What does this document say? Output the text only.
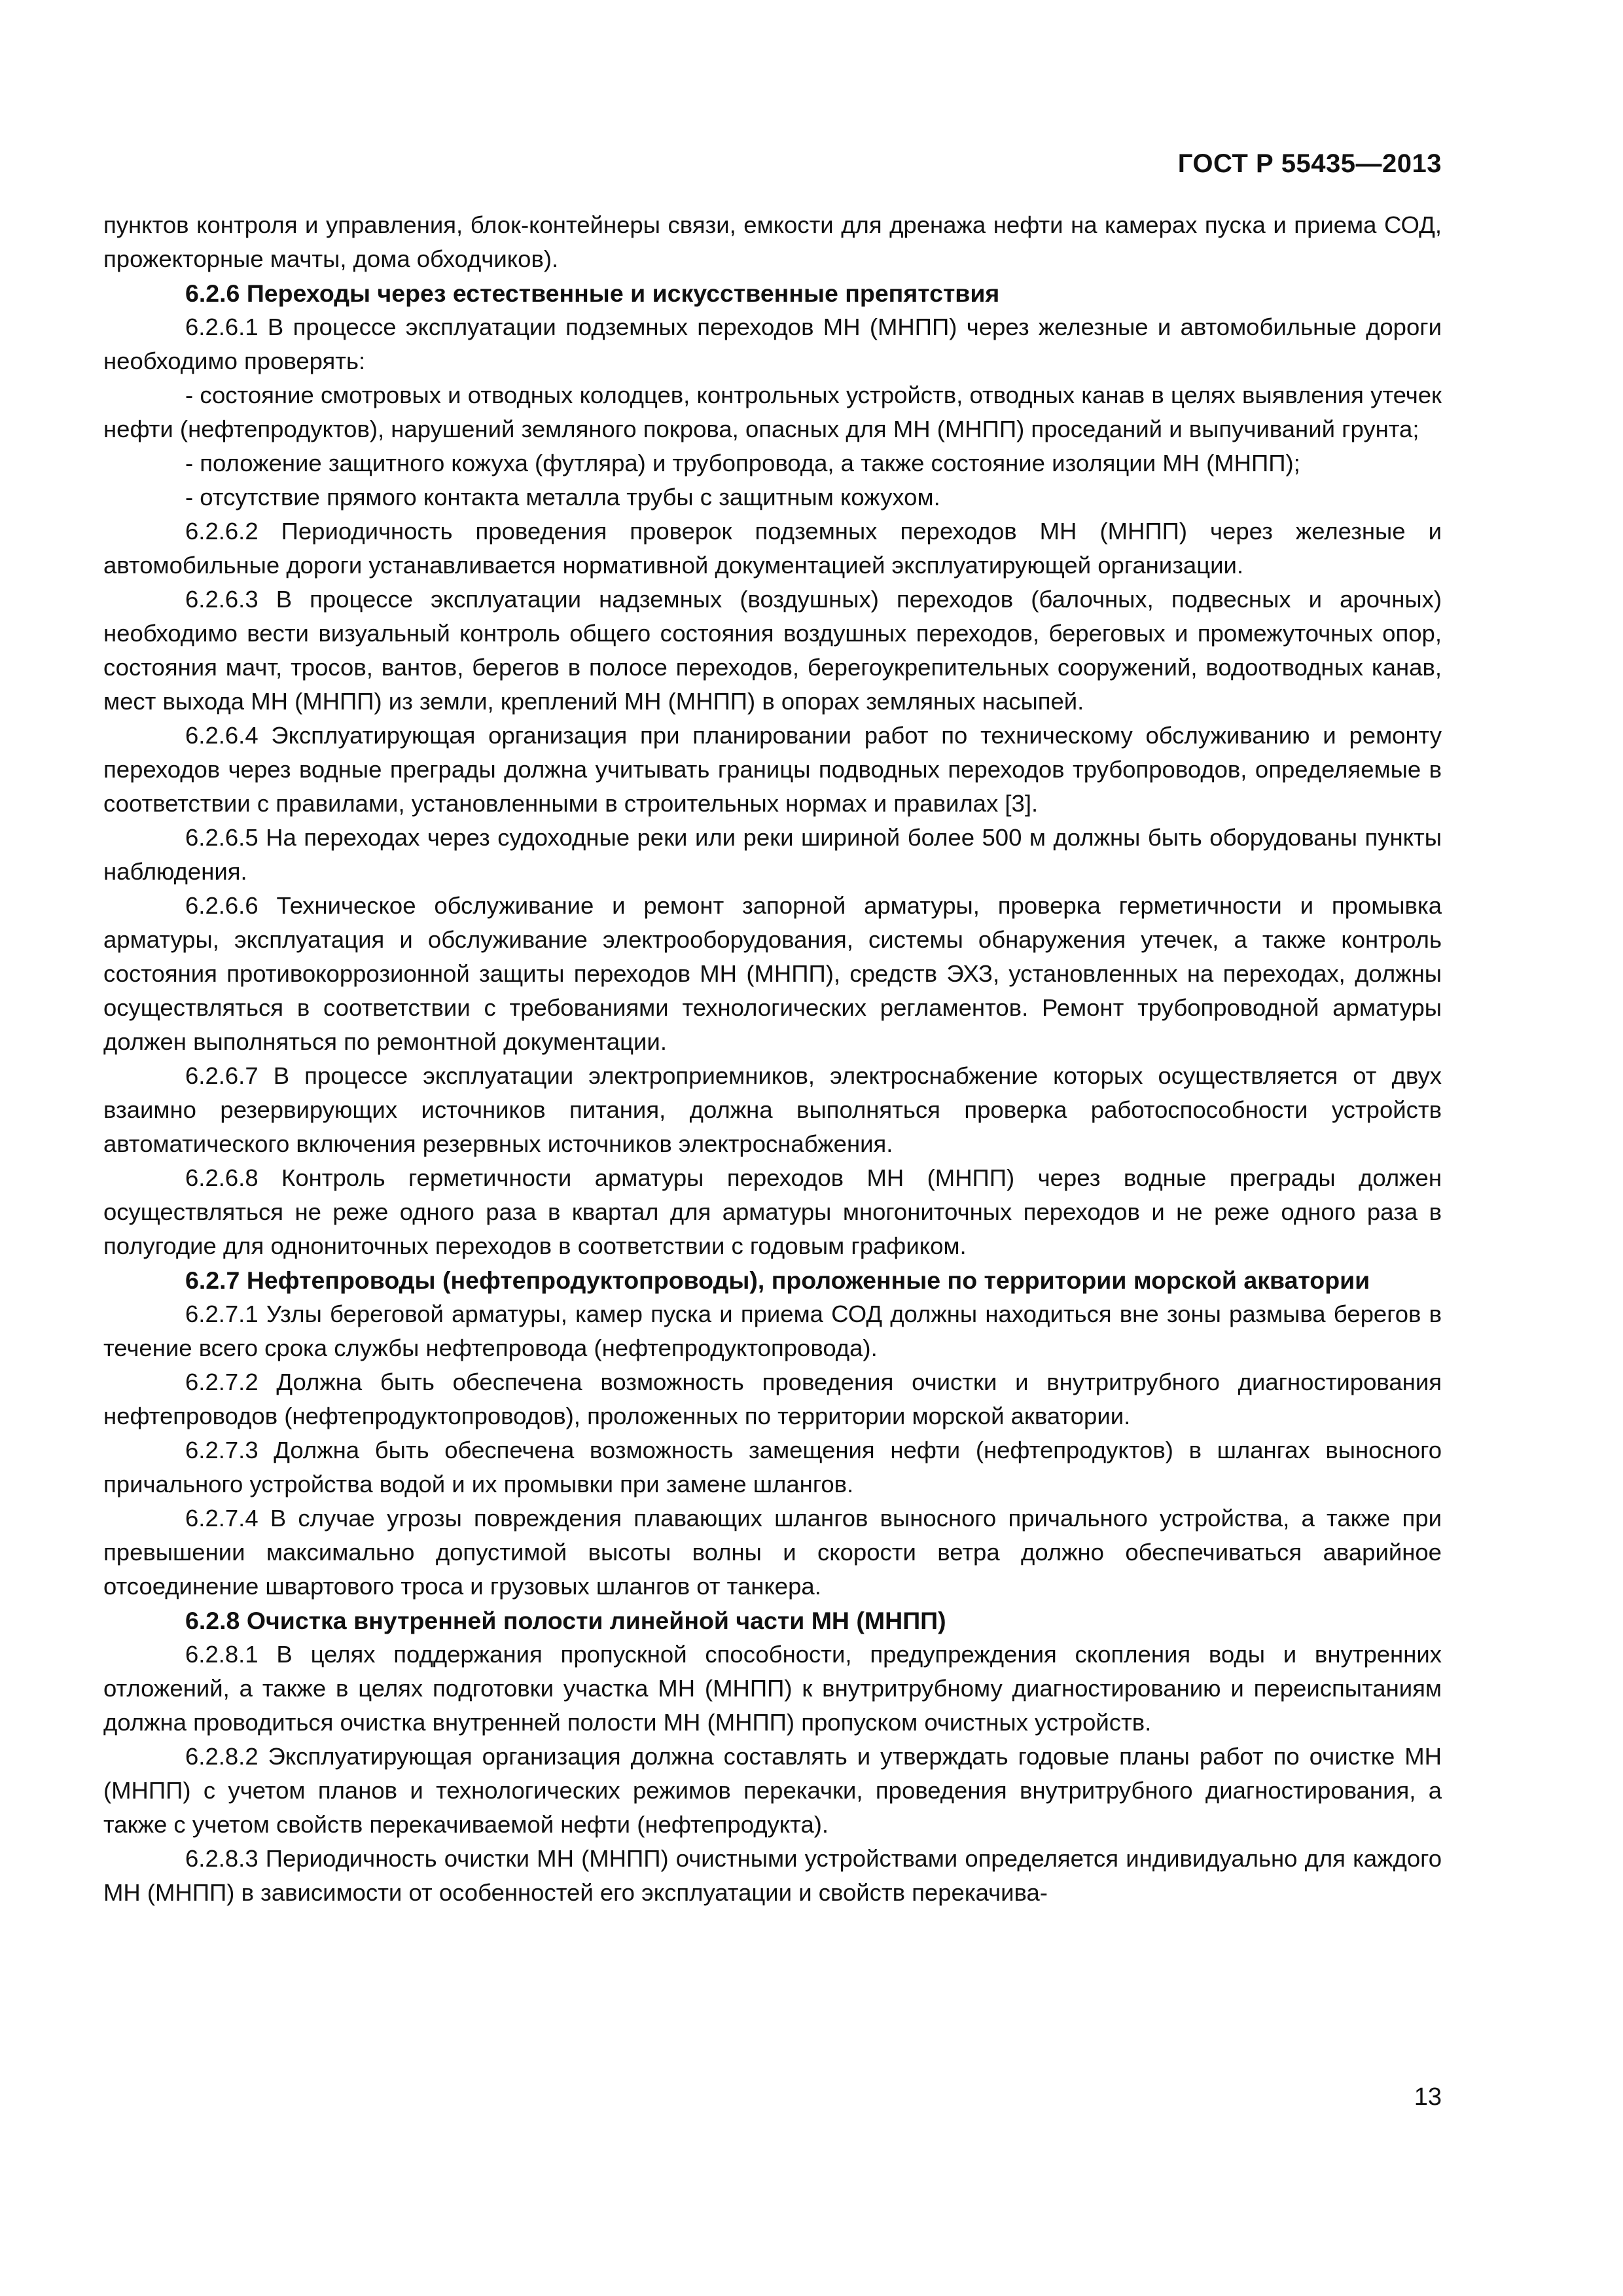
ГОСТ Р 55435—2013

пунктов контроля и управления, блок-контейнеры связи, емкости для дренажа нефти на камерах пуска и приема СОД, прожекторные мачты, дома обходчиков).

6.2.6 Переходы через естественные и искусственные препятствия

6.2.6.1 В процессе эксплуатации подземных переходов МН (МНПП) через железные и автомобильные дороги необходимо проверять:

- состояние смотровых и отводных колодцев, контрольных устройств, отводных канав в целях выявления утечек нефти (нефтепродуктов), нарушений земляного покрова, опасных для МН (МНПП) проседаний и выпучиваний грунта;

- положение защитного кожуха (футляра) и трубопровода, а также состояние изоляции МН (МНПП);

- отсутствие прямого контакта металла трубы с защитным кожухом.

6.2.6.2 Периодичность проведения проверок подземных переходов МН (МНПП) через железные и автомобильные дороги устанавливается нормативной документацией эксплуатирующей организации.

6.2.6.3 В процессе эксплуатации надземных (воздушных) переходов (балочных, подвесных и арочных) необходимо вести визуальный контроль общего состояния воздушных переходов, береговых и промежуточных опор, состояния мачт, тросов, вантов, берегов в полосе переходов, берегоукрепительных сооружений, водоотводных канав, мест выхода МН (МНПП) из земли, креплений МН (МНПП) в опорах земляных насыпей.

6.2.6.4 Эксплуатирующая организация при планировании работ по техническому обслуживанию и ремонту переходов через водные преграды должна учитывать границы подводных переходов трубопроводов, определяемые в соответствии с правилами, установленными в строительных нормах и правилах [3].

6.2.6.5 На переходах через судоходные реки или реки шириной более 500 м должны быть оборудованы пункты наблюдения.

6.2.6.6 Техническое обслуживание и ремонт запорной арматуры, проверка герметичности и промывка арматуры, эксплуатация и обслуживание электрооборудования, системы обнаружения утечек, а также контроль состояния противокоррозионной защиты переходов МН (МНПП), средств ЭХЗ, установленных на переходах, должны осуществляться в соответствии с требованиями технологических регламентов. Ремонт трубопроводной арматуры должен выполняться по ремонтной документации.

6.2.6.7 В процессе эксплуатации электроприемников, электроснабжение которых осуществляется от двух взаимно резервирующих источников питания, должна выполняться проверка работоспособности устройств автоматического включения резервных источников электроснабжения.

6.2.6.8 Контроль герметичности арматуры переходов МН (МНПП) через водные преграды должен осуществляться не реже одного раза в квартал для арматуры многониточных переходов и не реже одного раза в полугодие для однониточных переходов в соответствии с годовым графиком.

6.2.7 Нефтепроводы (нефтепродуктопроводы), проложенные по территории морской акватории

6.2.7.1 Узлы береговой арматуры, камер пуска и приема СОД должны находиться вне зоны размыва берегов в течение всего срока службы нефтепровода (нефтепродуктопровода).

6.2.7.2 Должна быть обеспечена возможность проведения очистки и внутритрубного диагностирования нефтепроводов (нефтепродуктопроводов), проложенных по территории морской акватории.

6.2.7.3 Должна быть обеспечена возможность замещения нефти (нефтепродуктов) в шлангах выносного причального устройства водой и их промывки при замене шлангов.

6.2.7.4 В случае угрозы повреждения плавающих шлангов выносного причального устройства, а также при превышении максимально допустимой высоты волны и скорости ветра должно обеспечиваться аварийное отсоединение швартового троса и грузовых шлангов от танкера.

6.2.8 Очистка внутренней полости линейной части МН (МНПП)

6.2.8.1 В целях поддержания пропускной способности, предупреждения скопления воды и внутренних отложений, а также в целях подготовки участка МН (МНПП) к внутритрубному диагностированию и переиспытаниям должна проводиться очистка внутренней полости МН (МНПП) пропуском очистных устройств.

6.2.8.2 Эксплуатирующая организация должна составлять и утверждать годовые планы работ по очистке МН (МНПП) с учетом планов и технологических режимов перекачки, проведения внутритрубного диагностирования, а также с учетом свойств перекачиваемой нефти (нефтепродукта).

6.2.8.3 Периодичность очистки МН (МНПП) очистными устройствами определяется индивидуально для каждого МН (МНПП) в зависимости от особенностей его эксплуатации и свойств перекачива-

13
